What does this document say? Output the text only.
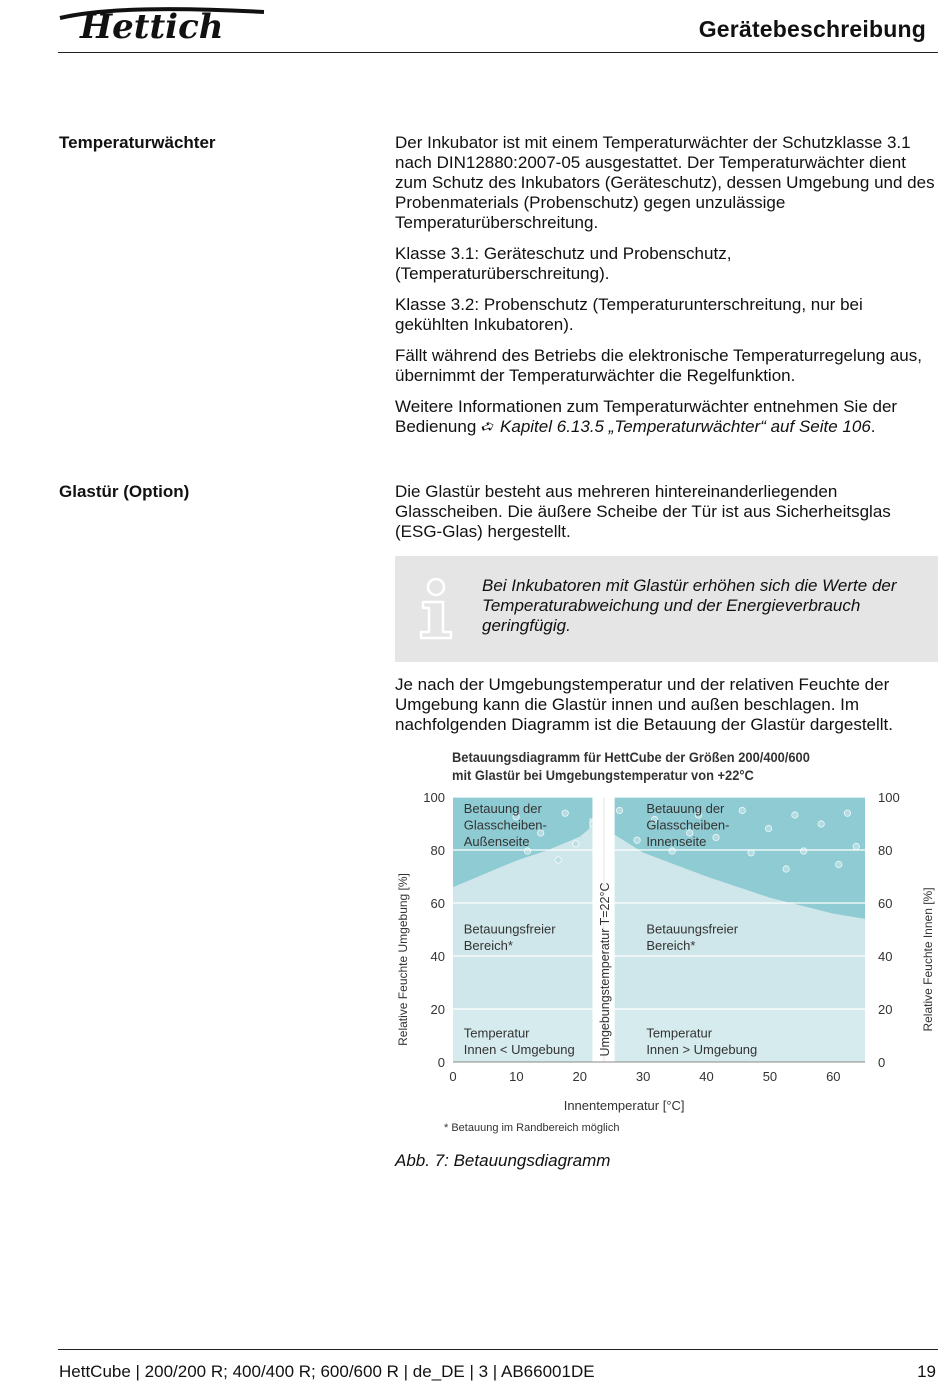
Hettich	Gerätebeschreibung
Temperaturwächter	Der Inkubator ist mit einem Temperaturwächter der Schutzklasse 3.1 nach DIN12880:2007-05 ausgestattet. Der Temperaturwächter dient zum Schutz des Inkubators (Geräteschutz), dessen Umgebung und des Probenmaterials (Probenschutz) gegen unzulässige Temperaturüberschreitung.

Klasse 3.1: Geräteschutz und Probenschutz, (Temperaturüberschreitung).

Klasse 3.2: Probenschutz (Temperaturunterschreitung, nur bei gekühlten Inkubatoren).

Fällt während des Betriebs die elektronische Temperaturregelung aus, übernimmt der Temperaturwächter die Regelfunktion.

Weitere Informationen zum Temperaturwächter entnehmen Sie der Bedienung ➪ Kapitel 6.13.5 „Temperaturwächter“ auf Seite 106.

Glastür (Option)	Die Glastür besteht aus mehreren hintereinanderliegenden Glasscheiben. Die äußere Scheibe der Tür ist aus Sicherheitsglas (ESG-Glas) hergestellt.

Bei Inkubatoren mit Glastür erhöhen sich die Werte der Temperaturabweichung und der Energieverbrauch geringfügig.

Je nach der Umgebungstemperatur und der relativen Feuchte der Umgebung kann die Glastür innen und außen beschlagen. Im nachfolgenden Diagramm ist die Betauung der Glastür dargestellt.

Betauungsdiagramm für HettCube der Größen 200/400/600
mit Glastür bei Umgebungstemperatur von +22°C
0	0
20	20
40	40
60	60
80	80
100	100
0	10	20	30	40	50	60
Innentemperatur [°C]
Relative Feuchte Umgebung [%]	Relative Feuchte Innen [%]
Umgebungstemperatur T=22°C
Betauung der Glasscheiben-Außenseite
Betauung der Glasscheiben-Innenseite
Betauungsfreier Bereich*
Betauungsfreier Bereich*
Temperatur Innen < Umgebung
Temperatur Innen > Umgebung
* Betauung im Randbereich möglich
Abb. 7: Betauungsdiagramm
HettCube | 200/200 R; 400/400 R; 600/600 R | de_DE | 3 | AB66001DE	19
